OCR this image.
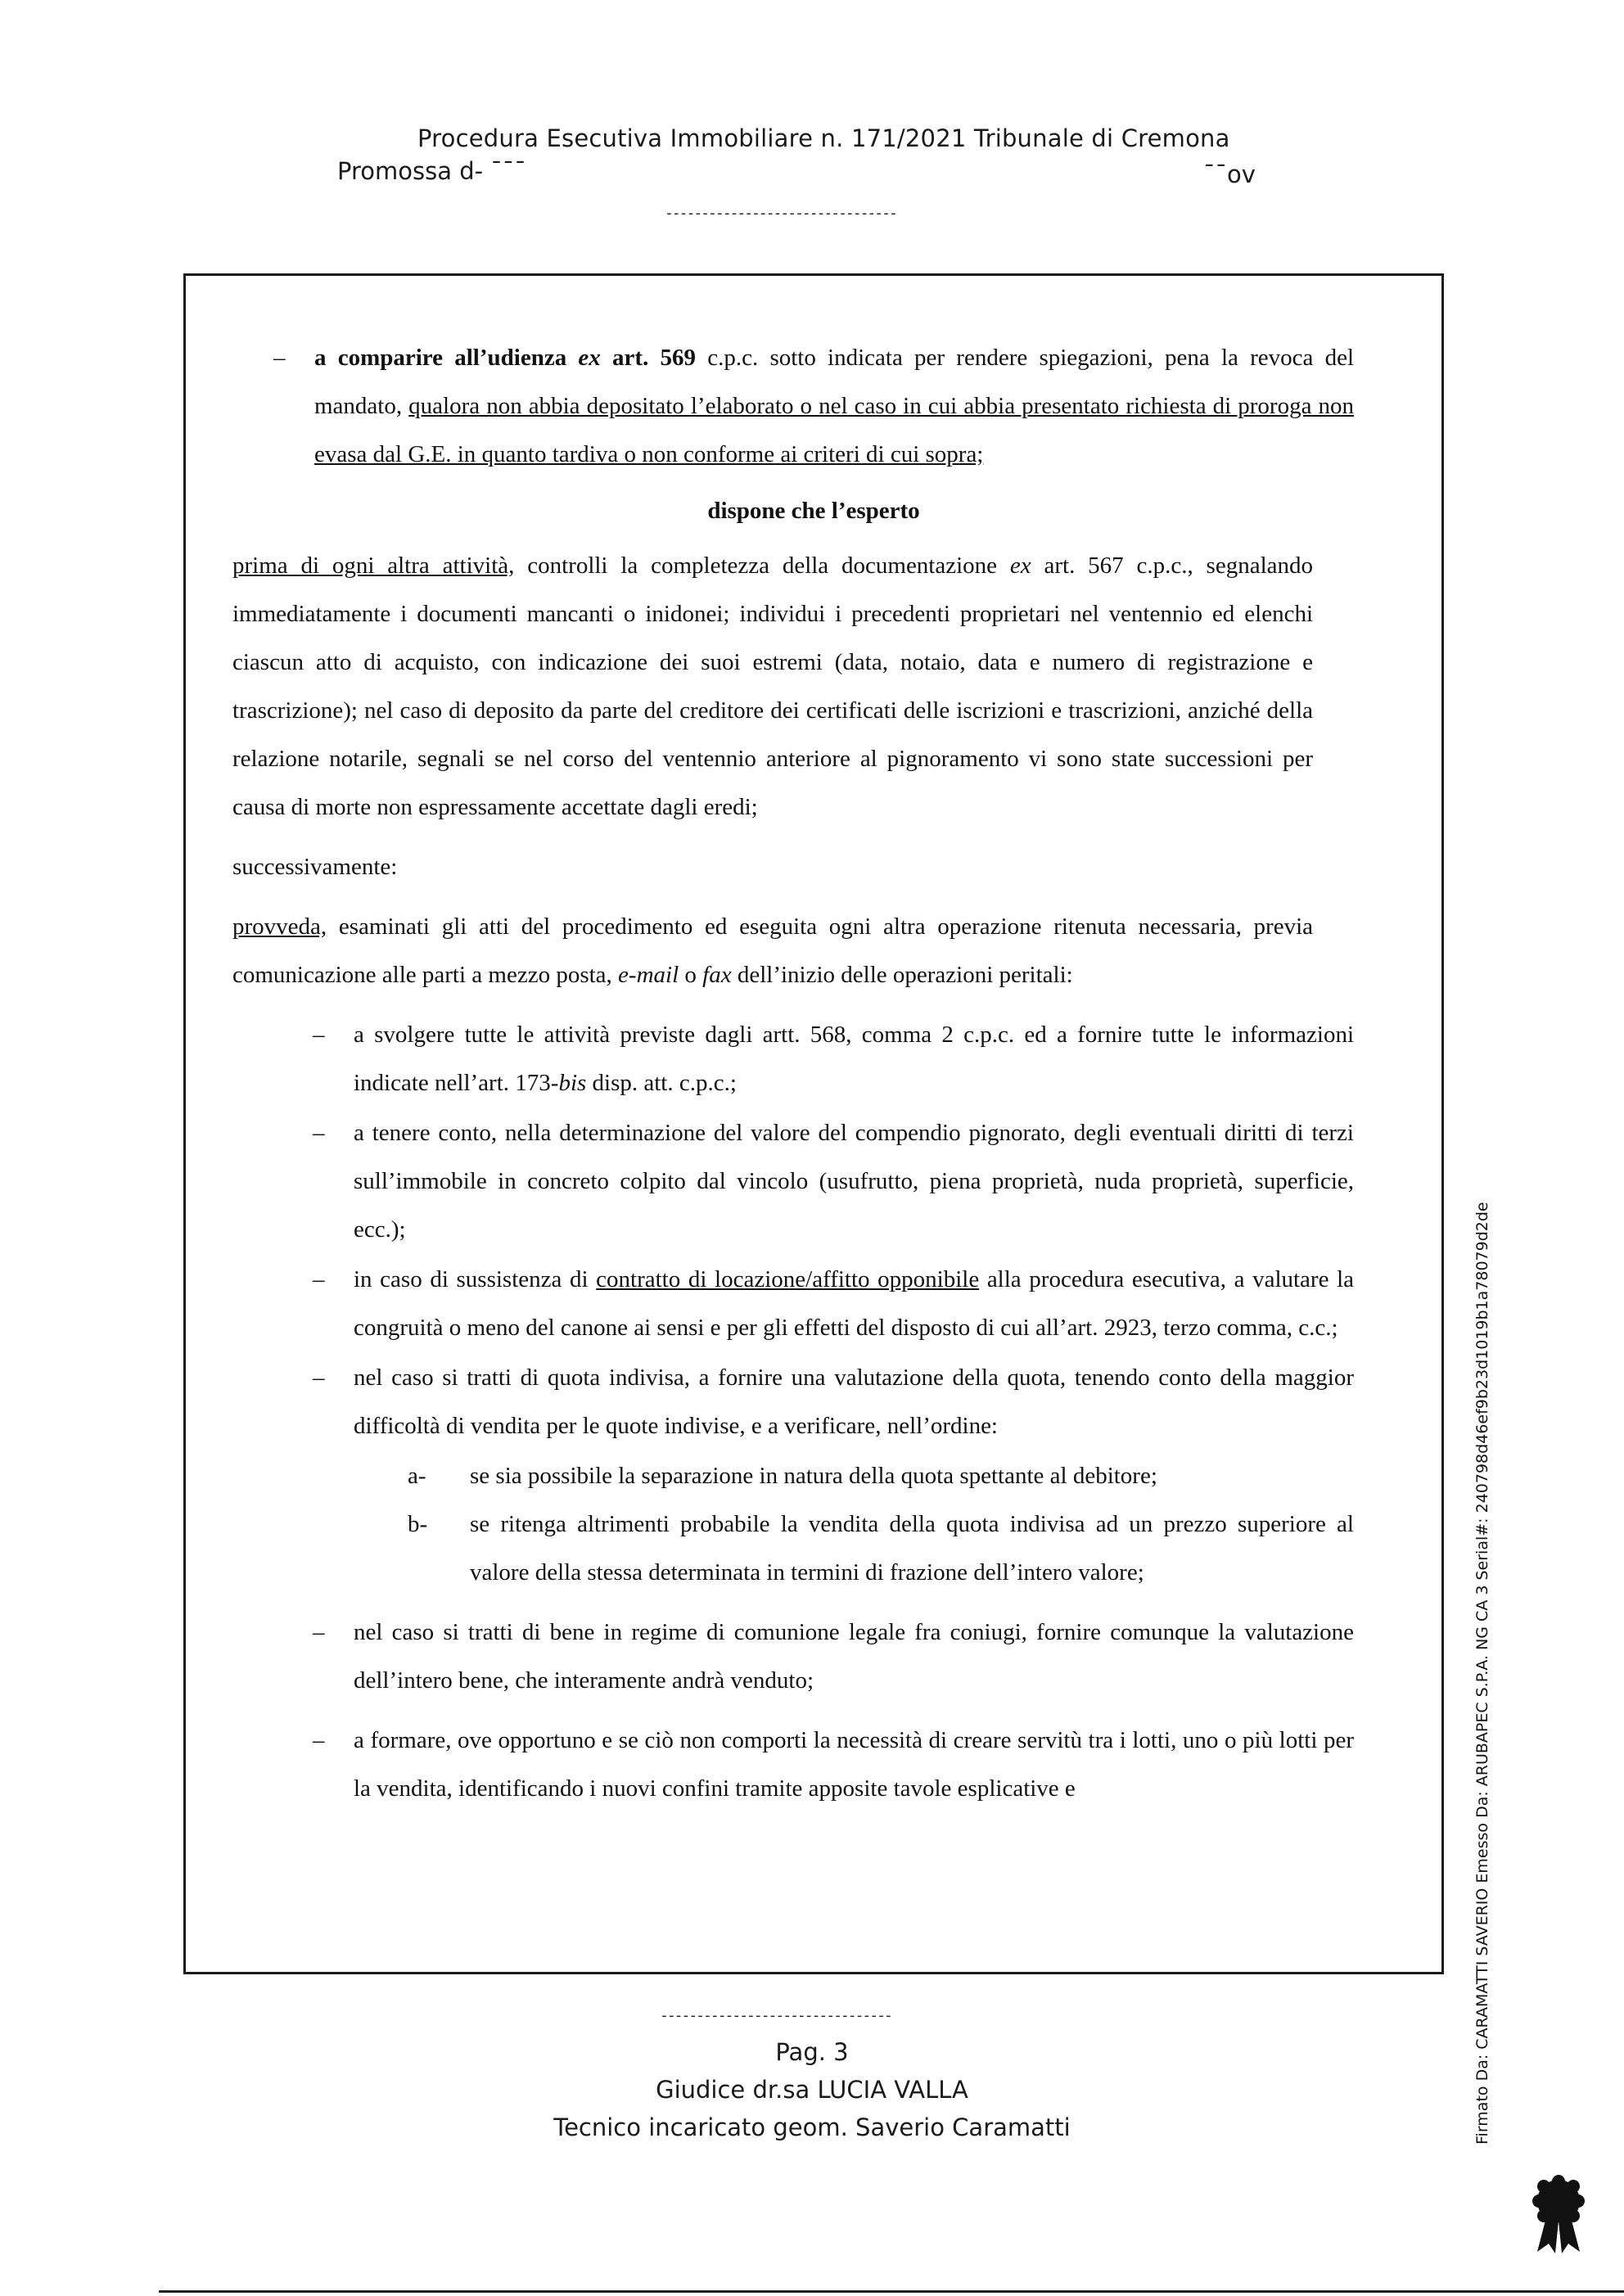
Procedura Esecutiva Immobiliare n. 171/2021 Tribunale di Cremona
Promossa d- ¯¯¯	¯¯ov
--------------------------------
– a comparire all’udienza ex art. 569 c.p.c. sotto indicata per rendere spiegazioni, pena la revoca del mandato, qualora non abbia depositato l’elaborato o nel caso in cui abbia presentato richiesta di proroga non evasa dal G.E. in quanto tardiva o non conforme ai criteri di cui sopra;
dispone che l’esperto

prima di ogni altra attività, controlli la completezza della documentazione ex art. 567 c.p.c., segnalando immediatamente i documenti mancanti o inidonei; individui i precedenti proprietari nel ventennio ed elenchi ciascun atto di acquisto, con indicazione dei suoi estremi (data, notaio, data e numero di registrazione e trascrizione); nel caso di deposito da parte del creditore dei certificati delle iscrizioni e trascrizioni, anziché della relazione notarile, segnali se nel corso del ventennio anteriore al pignoramento vi sono state successioni per causa di morte non espressamente accettate dagli eredi;

successivamente:

provveda, esaminati gli atti del procedimento ed eseguita ogni altra operazione ritenuta necessaria, previa comunicazione alle parti a mezzo posta, e-mail o fax dell’inizio delle operazioni peritali:

– a svolgere tutte le attività previste dagli artt. 568, comma 2 c.p.c. ed a fornire tutte le informazioni indicate nell’art. 173-bis disp. att. c.p.c.;
– a tenere conto, nella determinazione del valore del compendio pignorato, degli eventuali diritti di terzi sull’immobile in concreto colpito dal vincolo (usufrutto, piena proprietà, nuda proprietà, superficie, ecc.);
– in caso di sussistenza di contratto di locazione/affitto opponibile alla procedura esecutiva, a valutare la congruità o meno del canone ai sensi e per gli effetti del disposto di cui all’art. 2923, terzo comma, c.c.;
– nel caso si tratti di quota indivisa, a fornire una valutazione della quota, tenendo conto della maggior difficoltà di vendita per le quote indivise, e a verificare, nell’ordine:
a- se sia possibile la separazione in natura della quota spettante al debitore;
b- se ritenga altrimenti probabile la vendita della quota indivisa ad un prezzo superiore al valore della stessa determinata in termini di frazione dell’intero valore;
– nel caso si tratti di bene in regime di comunione legale fra coniugi, fornire comunque la valutazione dell’intero bene, che interamente andrà venduto;
– a formare, ove opportuno e se ciò non comporti la necessità di creare servitù tra i lotti, uno o più lotti per la vendita, identificando i nuovi confini tramite apposite tavole esplicative e
--------------------------------
Pag. 3
Giudice dr.sa LUCIA VALLA
Tecnico incaricato geom. Saverio Caramatti	Firmato Da: CARAMATTI SAVERIO Emesso Da: ARUBAPEC S.P.A. NG CA 3 Serial#: 240798d46ef9b23d1019b1a78079d2de
